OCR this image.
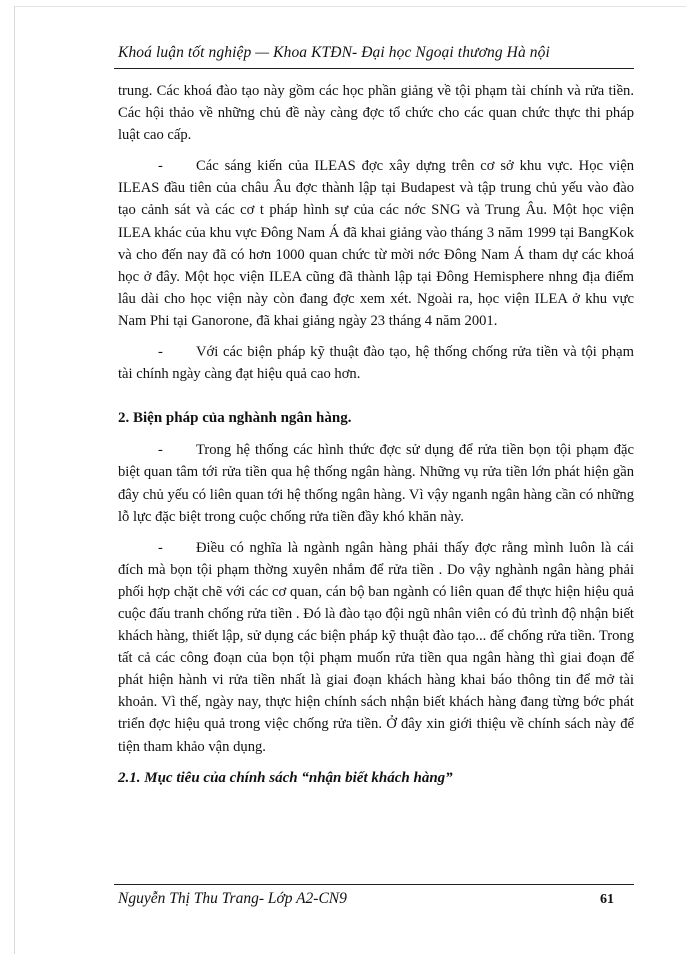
Khoá luận tốt nghiệp — Khoa KTĐN- Đại học Ngoại thương Hà nội

trung. Các khoá đào tạo này gồm các học phần giảng về tội phạm tài chính và rửa tiền. Các hội thảo về những chủ đề này càng đợc tổ chức cho các quan chức thực thi pháp luật cao cấp.

- Các sáng kiến của ILEAS đợc xây dựng trên cơ sở khu vực. Học viện ILEAS đầu tiên của châu Âu đợc thành lập tại Budapest và tập trung chủ yếu vào đào tạo cảnh sát và các cơ t pháp hình sự của các nớc SNG và Trung Âu. Một học viện ILEA khác của khu vực Đông Nam Á đã khai giảng vào tháng 3 năm 1999 tại BangKok và cho đến nay đã có hơn 1000 quan chức từ mời nớc Đông Nam Á tham dự các khoá học ở đây. Một học viện ILEA cũng đã thành lập tại Đông Hemisphere nhng địa điểm lâu dài cho học viện này còn đang đợc xem xét. Ngoài ra, học viện ILEA ở khu vực Nam Phi tại Ganorone, đã khai giảng ngày 23 tháng 4 năm 2001.

- Với các biện pháp kỹ thuật đào tạo, hệ thống chống rửa tiền và tội phạm tài chính ngày càng đạt hiệu quả cao hơn.

2. Biện pháp của nghành ngân hàng.

- Trong hệ thống các hình thức đợc sử dụng để rửa tiền bọn tội phạm đặc biệt quan tâm tới rửa tiền qua hệ thống ngân hàng. Những vụ rửa tiền lớn phát hiện gần đây chủ yếu có liên quan tới hệ thống ngân hàng. Vì vậy nganh ngân hàng cần có những lỗ lực đặc biệt trong cuộc chống rửa tiền đầy khó khăn này.

- Điều có nghĩa là ngành ngân hàng phải thấy đợc rằng mình luôn là cái đích mà bọn tội phạm thờng xuyên nhắm để rửa tiền . Do vậy nghành ngân hàng phải phối hợp chặt chẽ với các cơ quan, cán bộ ban ngành có liên quan để thực hiện hiệu quả cuộc đấu tranh chống rửa tiền . Đó là đào tạo đội ngũ nhân viên có đủ trình độ nhận biết khách hàng, thiết lập, sử dụng các biện pháp kỹ thuật đào tạo... để chống rửa tiền. Trong tất cả các công đoạn của bọn tội phạm muốn rửa tiền qua ngân hàng thì giai đoạn để phát hiện hành vi rửa tiền nhất là giai đoạn khách hàng khai báo thông tin để mở tài khoản. Vì thế, ngày nay, thực hiện chính sách nhận biết khách hàng đang từng bớc phát triển đợc hiệu quả trong việc chống rửa tiền. Ở đây xin giới thiệu về chính sách này để tiện tham khảo vận dụng.

2.1. Mục tiêu của chính sách “nhận biết khách hàng”
Nguyễn Thị Thu Trang- Lớp A2-CN9	61
